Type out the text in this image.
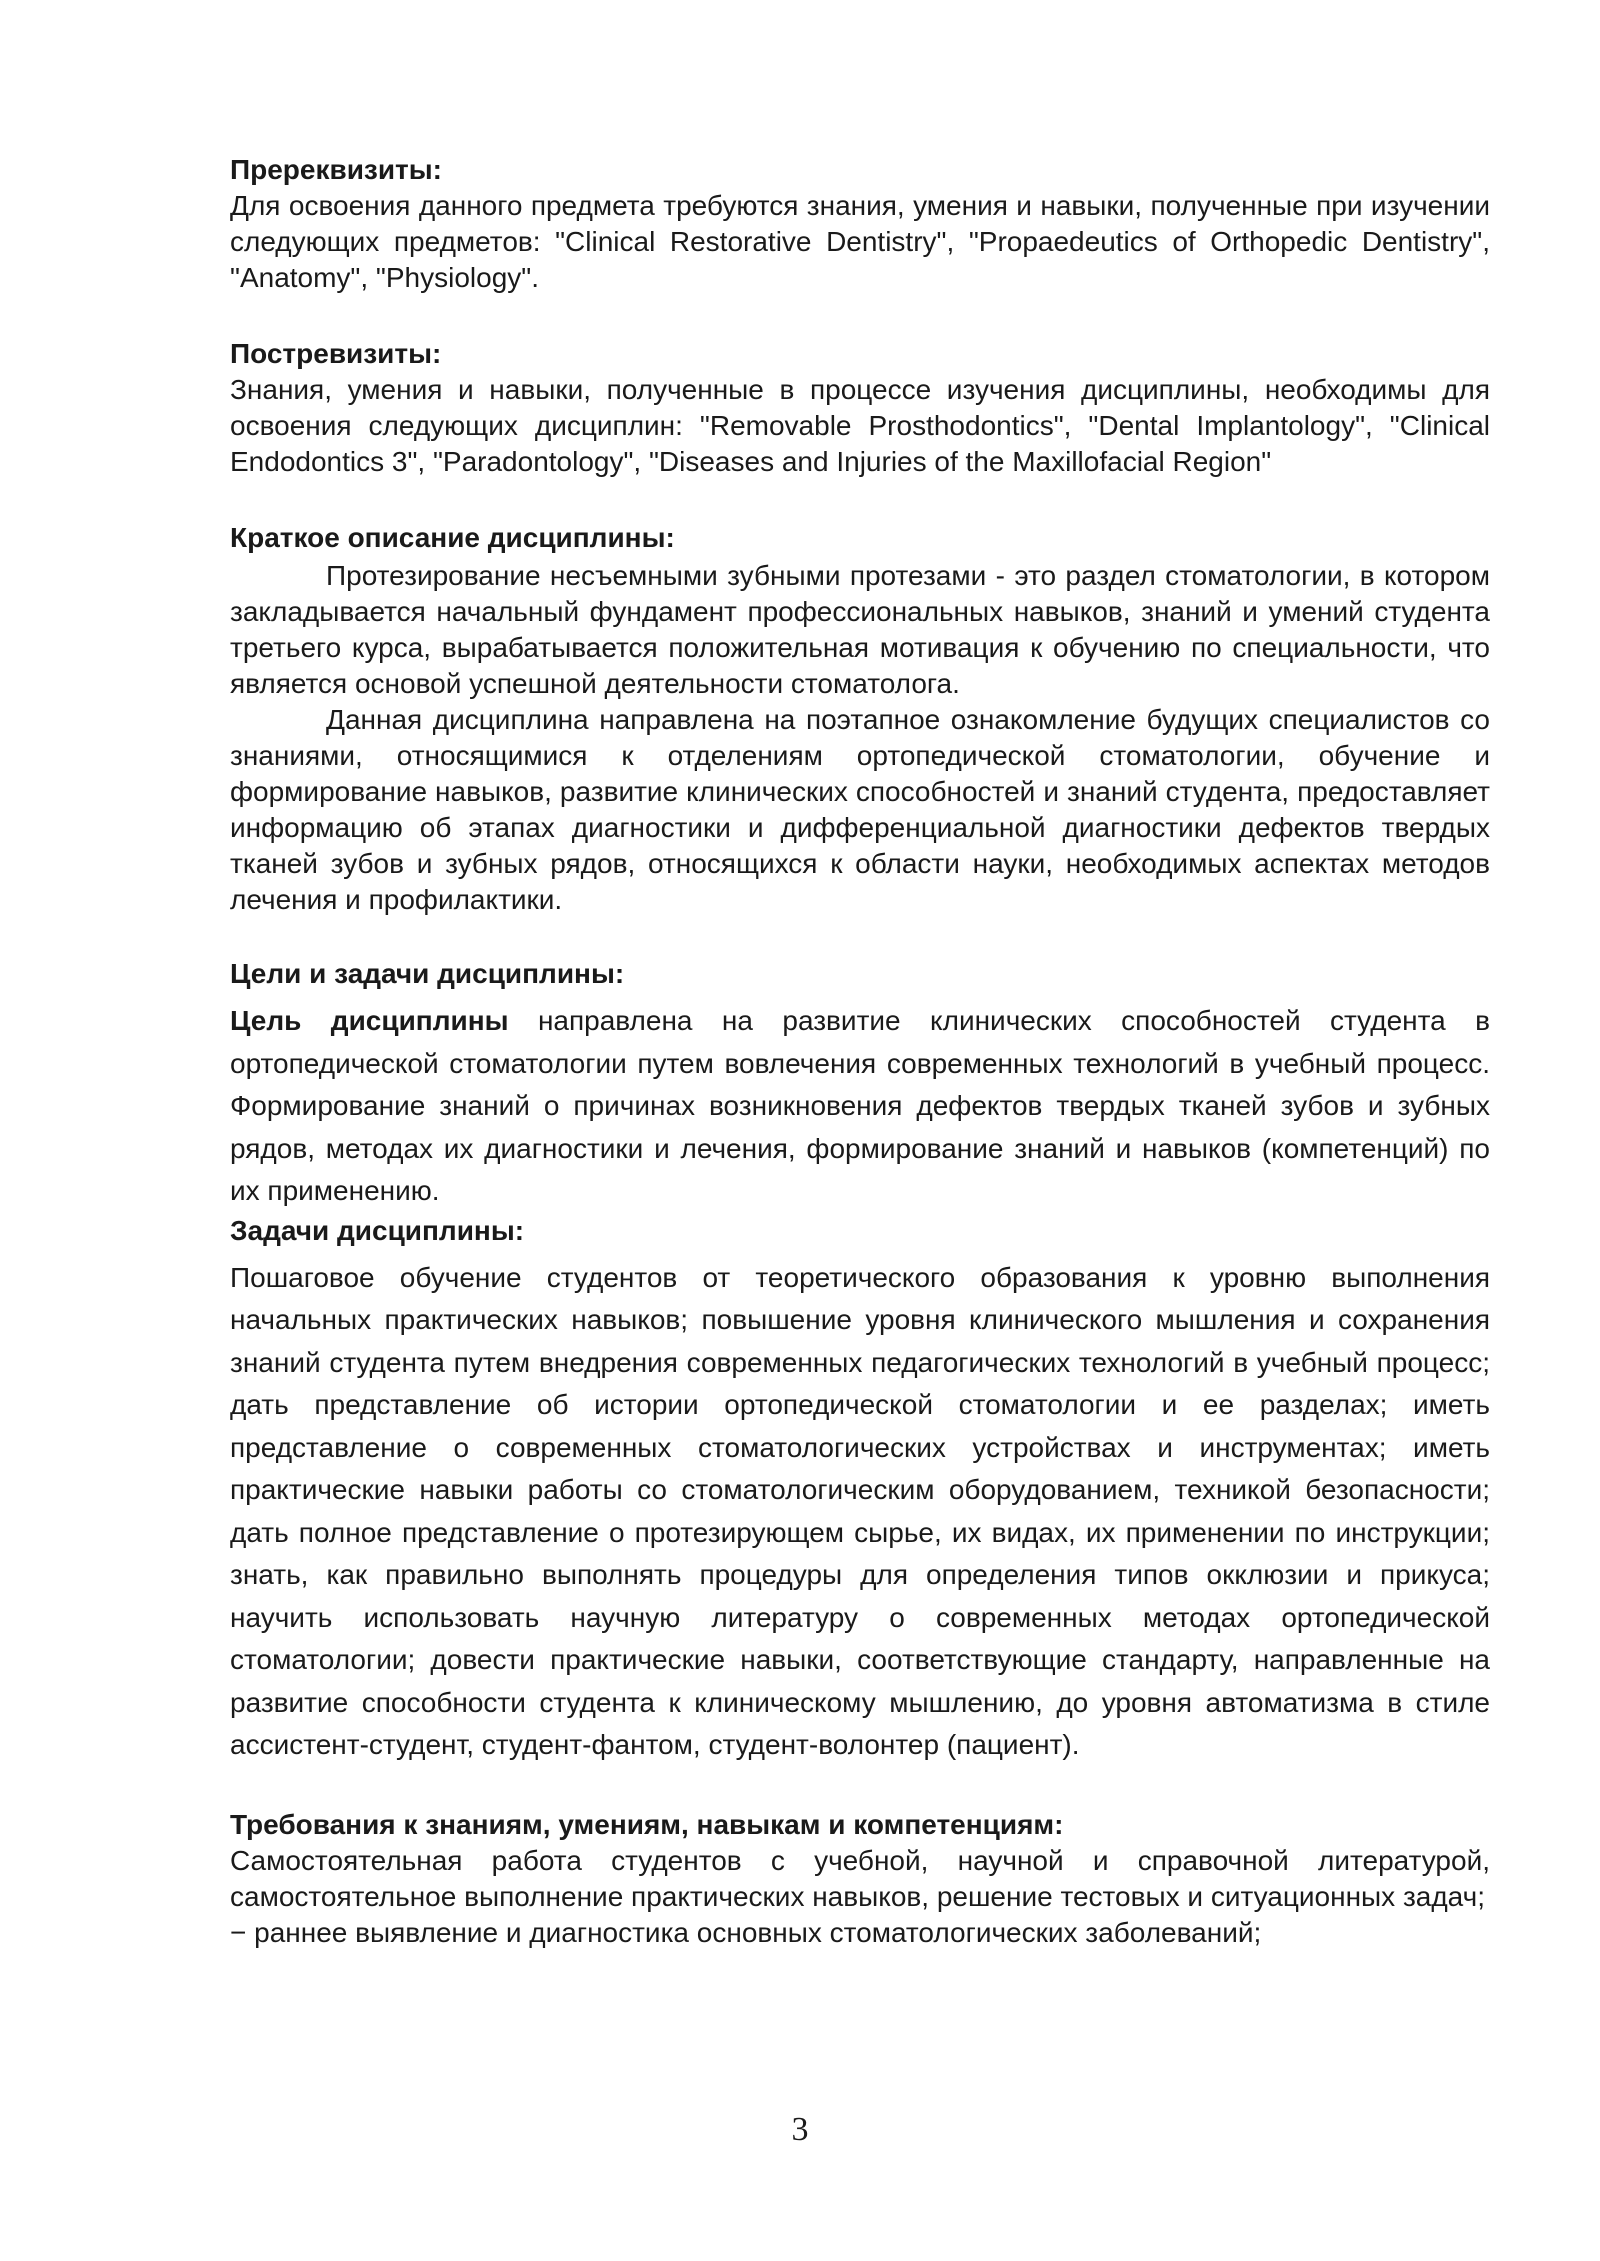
Пререквизиты:

Для освоения данного предмета требуются знания, умения и навыки, полученные при изучении следующих предметов: "Clinical Restorative Dentistry", "Propaedeutics of Orthopedic Dentistry", "Anatomy", "Physiology".

Постревизиты:

Знания, умения и навыки, полученные в процессе изучения дисциплины, необходимы для освоения следующих дисциплин: "Removable Prosthodontics", "Dental Implantology", "Clinical Endodontics 3", "Paradontology", "Diseases and Injuries of the Maxillofacial Region"

Краткое описание дисциплины:

Протезирование несъемными зубными протезами - это раздел стоматологии, в котором закладывается начальный фундамент профессиональных навыков, знаний и умений студента третьего курса, вырабатывается положительная мотивация к обучению по специальности, что является основой успешной деятельности стоматолога.

Данная дисциплина направлена на поэтапное ознакомление будущих специалистов со знаниями, относящимися к отделениям ортопедической стоматологии, обучение и формирование навыков, развитие клинических способностей и знаний студента, предоставляет информацию об этапах диагностики и дифференциальной диагностики дефектов твердых тканей зубов и зубных рядов, относящихся к области науки, необходимых аспектах методов лечения и профилактики.

Цели и задачи дисциплины:

Цель дисциплины направлена на развитие клинических способностей студента в ортопедической стоматологии путем вовлечения современных технологий в учебный процесс. Формирование знаний о причинах возникновения дефектов твердых тканей зубов и зубных рядов, методах их диагностики и лечения, формирование знаний и навыков (компетенций) по их применению.

Задачи дисциплины:

Пошаговое обучение студентов от теоретического образования к уровню выполнения начальных практических навыков; повышение уровня клинического мышления и сохранения знаний студента путем внедрения современных педагогических технологий в учебный процесс; дать представление об истории ортопедической стоматологии и ее разделах; иметь представление о современных стоматологических устройствах и инструментах; иметь практические навыки работы со стоматологическим оборудованием, техникой безопасности; дать полное представление о протезирующем сырье, их видах, их применении по инструкции; знать, как правильно выполнять процедуры для определения типов окклюзии и прикуса; научить использовать научную литературу о современных методах ортопедической стоматологии; довести практические навыки, соответствующие стандарту, направленные на развитие способности студента к клиническому мышлению, до уровня автоматизма в стиле ассистент-студент, студент-фантом, студент-волонтер (пациент).

Требования к знаниям, умениям, навыкам и компетенциям:

Самостоятельная работа студентов с учебной, научной и справочной литературой, самостоятельное выполнение практических навыков, решение тестовых и ситуационных задач;

− раннее выявление и диагностика основных стоматологических заболеваний;

3
